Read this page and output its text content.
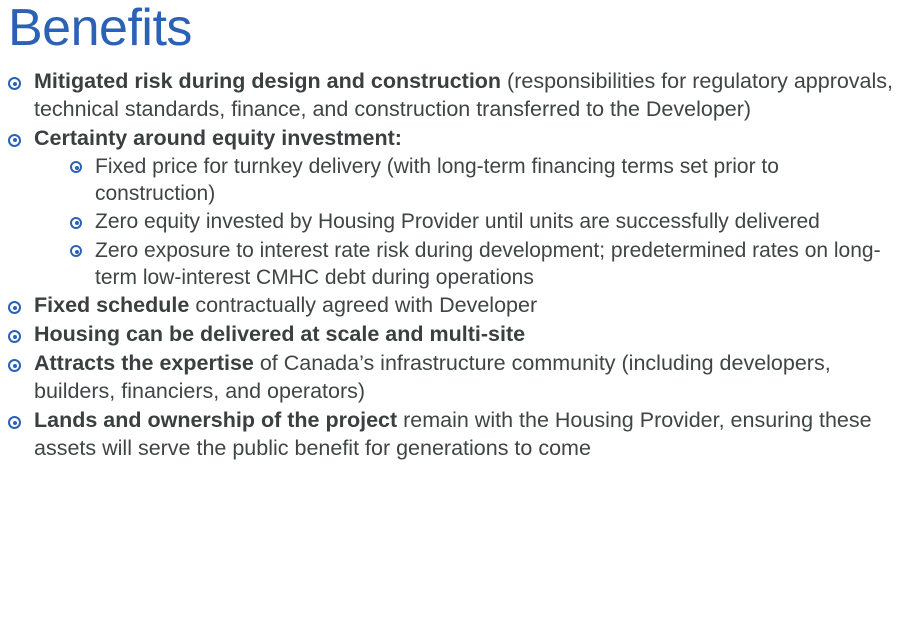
Benefits
Mitigated risk during design and construction (responsibilities for regulatory approvals, technical standards, finance, and construction transferred to the Developer)
Certainty around equity investment:
Fixed price for turnkey delivery (with long-term financing terms set prior to construction)
Zero equity invested by Housing Provider until units are successfully delivered
Zero exposure to interest rate risk during development; predetermined rates on long-term low-interest CMHC debt during operations
Fixed schedule contractually agreed with Developer
Housing can be delivered at scale and multi-site
Attracts the expertise of Canada’s infrastructure community (including developers, builders, financiers, and operators)
Lands and ownership of the project remain with the Housing Provider, ensuring these assets will serve the public benefit for generations to come
